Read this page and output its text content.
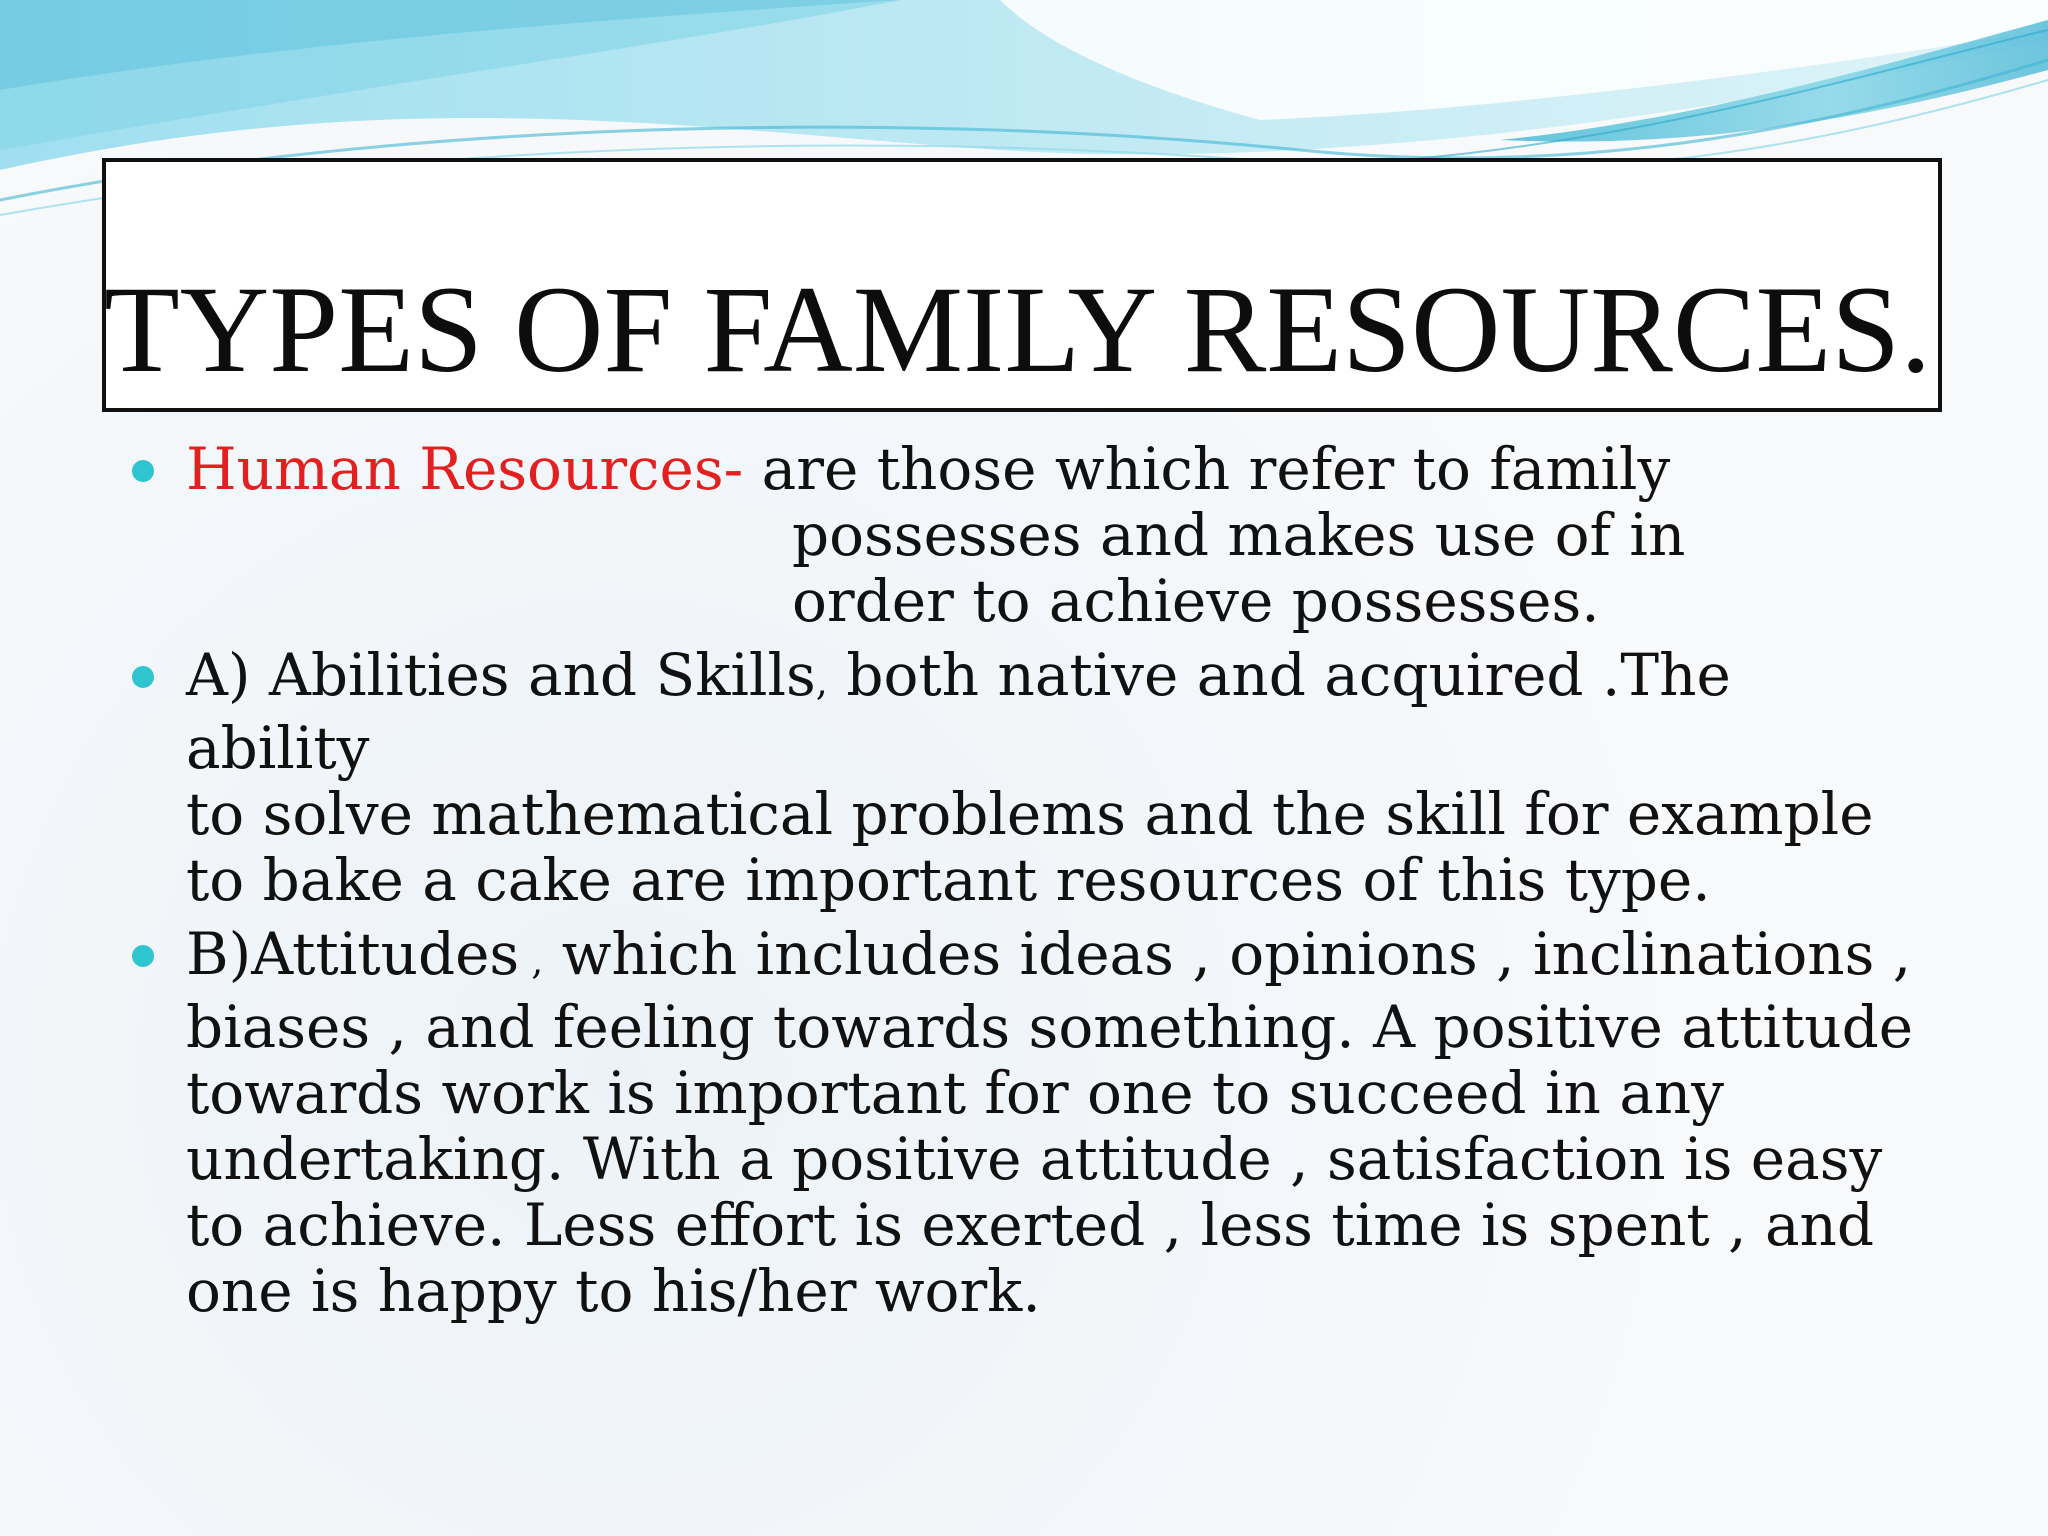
TYPES OF FAMILY RESOURCES.
Human Resources- are those which refer to family
possesses and makes use of in
order to achieve possesses.
A) Abilities and Skills, both native and acquired .The ability
to solve mathematical problems and the skill for example
to bake a cake are important resources of this type.
B)Attitudes , which includes ideas , opinions , inclinations ,
biases , and feeling towards something. A positive attitude
towards work is important for one to succeed in any
undertaking. With a positive attitude , satisfaction is easy
to achieve. Less effort is exerted , less time is spent , and
one is happy to his/her work.
